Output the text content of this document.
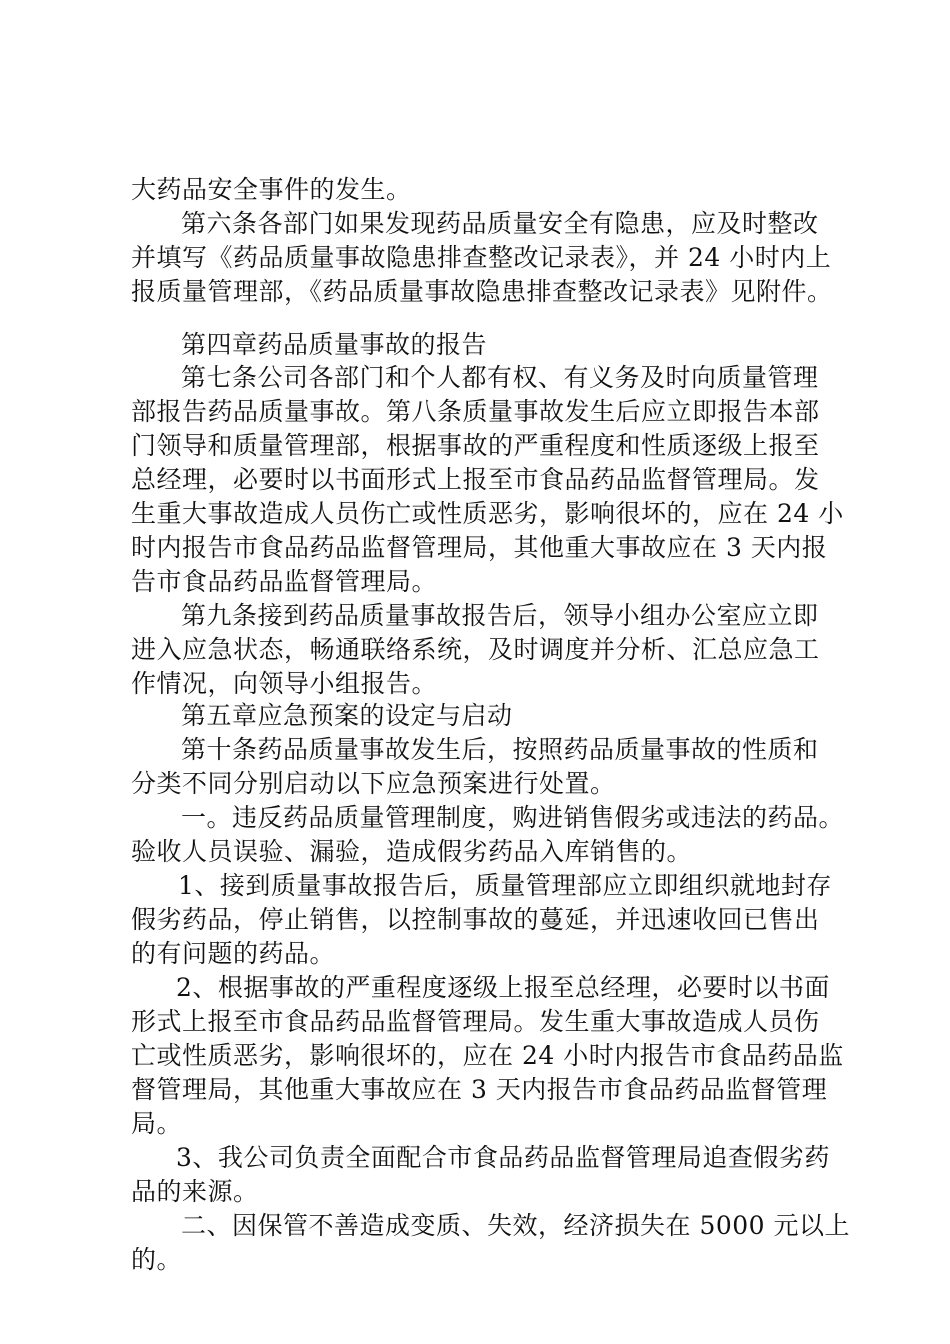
大药品安全事件的发生。

第六条各部门如果发现药品质量安全有隐患，应及时整改

并填写《药品质量事故隐患排查整改记录表》，并 24 小时内上

报质量管理部，《药品质量事故隐患排查整改记录表》见附件。

第四章药品质量事故的报告

第七条公司各部门和个人都有权、有义务及时向质量管理

部报告药品质量事故。第八条质量事故发生后应立即报告本部

门领导和质量管理部，根据事故的严重程度和性质逐级上报至

总经理，必要时以书面形式上报至市食品药品监督管理局。发

生重大事故造成人员伤亡或性质恶劣，影响很坏的，应在 24 小

时内报告市食品药品监督管理局，其他重大事故应在 3 天内报

告市食品药品监督管理局。

第九条接到药品质量事故报告后，领导小组办公室应立即

进入应急状态，畅通联络系统，及时调度并分析、汇总应急工

作情况，向领导小组报告。

第五章应急预案的设定与启动

第十条药品质量事故发生后，按照药品质量事故的性质和

分类不同分别启动以下应急预案进行处置。

一。违反药品质量管理制度，购进销售假劣或违法的药品。

验收人员误验、漏验，造成假劣药品入库销售的。

1、接到质量事故报告后，质量管理部应立即组织就地封存

假劣药品，停止销售，以控制事故的蔓延，并迅速收回已售出

的有问题的药品。

2、根据事故的严重程度逐级上报至总经理，必要时以书面

形式上报至市食品药品监督管理局。发生重大事故造成人员伤

亡或性质恶劣，影响很坏的，应在 24 小时内报告市食品药品监

督管理局，其他重大事故应在 3 天内报告市食品药品监督管理

局。

3、我公司负责全面配合市食品药品监督管理局追查假劣药

品的来源。

二、因保管不善造成变质、失效，经济损失在 5000 元以上

的。
